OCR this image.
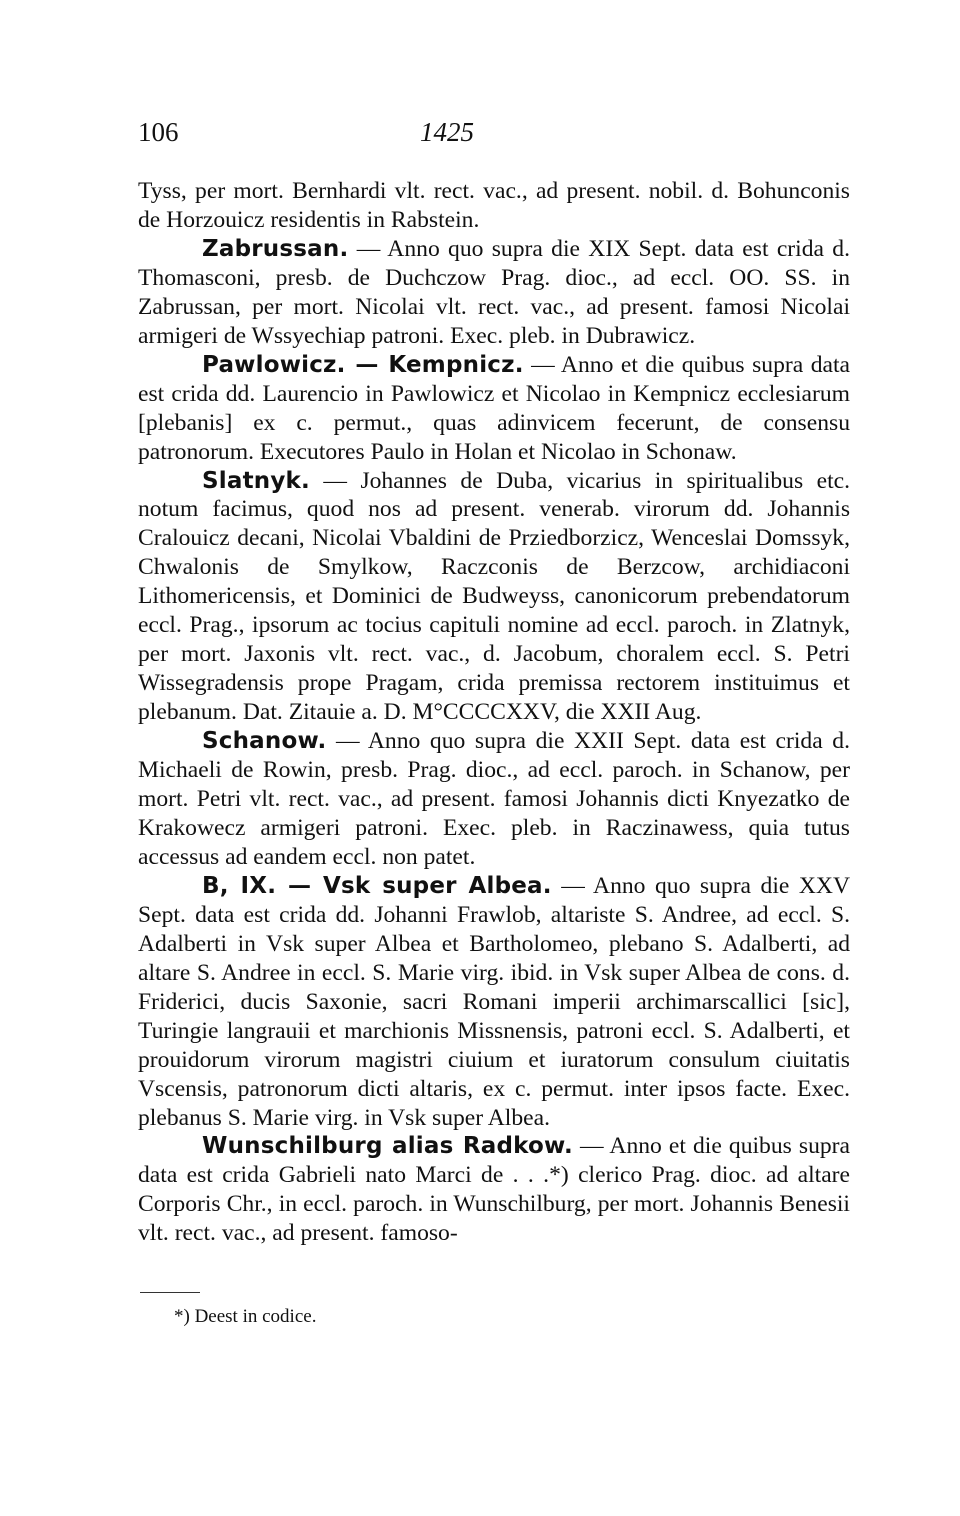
106	1425

Tyss, per mort. Bernhardi vlt. rect. vac., ad present. nobil. d. Bohunconis de Horzouicz residentis in Rabstein.

Zabrussan. — Anno quo supra die XIX Sept. data est crida d. Thomasconi, presb. de Duchczow Prag. dioc., ad eccl. OO. SS. in Zabrussan, per mort. Nicolai vlt. rect. vac., ad present. famosi Nicolai armigeri de Wssyechiap patroni. Exec. pleb. in Dubrawicz.

Pawlowicz. — Kempnicz. — Anno et die quibus supra data est crida dd. Laurencio in Pawlowicz et Nicolao in Kempnicz ecclesiarum [plebanis] ex c. permut., quas adinvicem fecerunt, de consensu patronorum. Executores Paulo in Holan et Nicolao in Schonaw.

Slatnyk. — Johannes de Duba, vicarius in spiritualibus etc. notum facimus, quod nos ad present. venerab. virorum dd. Johannis Cralouicz decani, Nicolai Vbaldini de Prziedborzicz, Wenceslai Domssyk, Chwalonis de Smylkow, Raczconis de Berzcow, archidiaconi Lithomericensis, et Dominici de Budweyss, canonicorum prebendatorum eccl. Prag., ipsorum ac tocius capituli nomine ad eccl. paroch. in Zlatnyk, per mort. Jaxonis vlt. rect. vac., d. Jacobum, choralem eccl. S. Petri Wissegradensis prope Pragam, crida premissa rectorem instituimus et plebanum. Dat. Zitauie a. D. M°CCCCXXV, die XXII Aug.

Schanow. — Anno quo supra die XXII Sept. data est crida d. Michaeli de Rowin, presb. Prag. dioc., ad eccl. paroch. in Schanow, per mort. Petri vlt. rect. vac., ad present. famosi Johannis dicti Knyezatko de Krakowecz armigeri patroni. Exec. pleb. in Raczinawess, quia tutus accessus ad eandem eccl. non patet.

B, IX. — Vsk super Albea. — Anno quo supra die XXV Sept. data est crida dd. Johanni Frawlob, altariste S. Andree, ad eccl. S. Adalberti in Vsk super Albea et Bartholomeo, plebano S. Adalberti, ad altare S. Andree in eccl. S. Marie virg. ibid. in Vsk super Albea de cons. d. Friderici, ducis Saxonie, sacri Romani imperii archimarscallici [sic], Turingie langrauii et marchionis Missnensis, patroni eccl. S. Adalberti, et prouidorum virorum magistri ciuium et iuratorum consulum ciuitatis Vscensis, patronorum dicti altaris, ex c. permut. inter ipsos facte. Exec. plebanus S. Marie virg. in Vsk super Albea.

Wunschilburg alias Radkow. — Anno et die quibus supra data est crida Gabrieli nato Marci de . . .*) clerico Prag. dioc. ad altare Corporis Chr., in eccl. paroch. in Wunschilburg, per mort. Johannis Benesii vlt. rect. vac., ad present. famoso-

*) Deest in codice.
